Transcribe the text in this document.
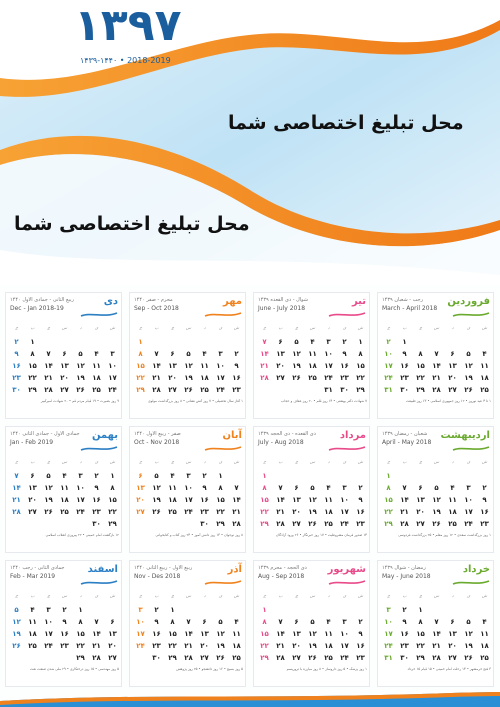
۱۳۹۷
۱۴۳۹-۱۴۴۰ • 2018-2019
محل تبلیغ اختصاصی شما
محل تبلیغ اختصاصی شما
فروردین
رجب - شعبان ۱۴۳۹
March - April 2018
ش
ی
د
س
چ
پ
ج
۱
۲
۴
۵
۶
۷
۸
۹
۱۰
۱۱
۱۲
۱۳
۱۴
۱۵
۱۶
۱۷
۱۸
۱۹
۲۰
۲۱
۲۲
۲۳
۲۴
۲۵
۲۶
۲۷
۲۸
۲۹
۳۰
۳۱
۱ تا ۴ عید نوروز • ۱۲ روز جمهوری اسلامی • ۱۳ روز طبیعت
تیر
شوال - ذی القعده ۱۴۳۹
June - July 2018
ش
ی
د
س
چ
پ
ج
۱
۲
۳
۴
۵
۶
۷
۸
۹
۱۰
۱۱
۱۲
۱۳
۱۴
۱۵
۱۶
۱۷
۱۸
۱۹
۲۰
۲۱
۲۲
۲۳
۲۴
۲۵
۲۶
۲۷
۲۸
۲۹
۳۰
۳۱
۷ شهادت دکتر بهشتی • ۱۴ روز قلم • ۲۰ روز عفاف و حجاب
مهر
محرم - صفر ۱۴۴۰
Sep - Oct 2018
ش
ی
د
س
چ
پ
ج
۱
۲
۳
۴
۵
۶
۷
۸
۹
۱۰
۱۱
۱۲
۱۳
۱۴
۱۵
۱۶
۱۷
۱۸
۱۹
۲۰
۲۱
۲۲
۲۳
۲۴
۲۵
۲۶
۲۷
۲۸
۲۹
۱ آغاز سال تحصیلی • ۷ روز آتش نشانی • ۸ روز بزرگداشت مولوی
دی
ربیع الثانی - جمادی الاول ۱۴۴۰
Dec - Jan 2018-19
ش
ی
د
س
چ
پ
ج
۱
۲
۳
۴
۵
۶
۷
۸
۹
۱۰
۱۱
۱۲
۱۳
۱۴
۱۵
۱۶
۱۷
۱۸
۱۹
۲۰
۲۱
۲۲
۲۳
۲۴
۲۵
۲۶
۲۷
۲۸
۲۹
۳۰
۹ روز بصیرت • ۱۹ قیام مردم قم • ۲۰ شهادت امیرکبیر
اردیبهشت
شعبان - رمضان ۱۴۳۹
April - May 2018
ش
ی
د
س
چ
پ
ج
۱
۲
۳
۴
۵
۶
۷
۸
۹
۱۰
۱۱
۱۲
۱۳
۱۴
۱۵
۱۶
۱۷
۱۸
۱۹
۲۰
۲۱
۲۲
۲۳
۲۴
۲۵
۲۶
۲۷
۲۸
۲۹
۱ روز بزرگداشت سعدی • ۱۲ روز معلم • ۲۵ بزرگداشت فردوسی
مرداد
ذی القعده - ذی الحجه ۱۴۳۹
July - Aug 2018
ش
ی
د
س
چ
پ
ج
۱
۲
۳
۴
۵
۶
۷
۸
۹
۱۰
۱۱
۱۲
۱۳
۱۴
۱۵
۱۶
۱۷
۱۸
۱۹
۲۰
۲۱
۲۲
۲۳
۲۴
۲۵
۲۶
۲۷
۲۸
۲۹
۱۴ صدور فرمان مشروطیت • ۱۷ روز خبرنگار • ۲۶ ورود آزادگان
آبان
صفر - ربیع الاول ۱۴۴۰
Oct - Nov 2018
ش
ی
د
س
چ
پ
ج
۱
۲
۳
۴
۵
۶
۷
۸
۹
۱۰
۱۱
۱۲
۱۳
۱۴
۱۵
۱۶
۱۷
۱۸
۱۹
۲۰
۲۱
۲۲
۲۳
۲۴
۲۵
۲۶
۲۷
۲۸
۲۹
۳۰
۸ روز نوجوان • ۱۳ روز دانش آموز • ۲۴ روز کتاب و کتابخوانی
بهمن
جمادی الاول - جمادی الثانی ۱۴۴۰
Jan - Feb 2019
ش
ی
د
س
چ
پ
ج
۱
۲
۳
۴
۵
۶
۷
۸
۹
۱۰
۱۱
۱۲
۱۳
۱۴
۱۵
۱۶
۱۷
۱۸
۱۹
۲۰
۲۱
۲۲
۲۳
۲۴
۲۵
۲۶
۲۷
۲۸
۲۹
۳۰
۱۲ بازگشت امام خمینی • ۲۲ پیروزی انقلاب اسلامی
خرداد
رمضان - شوال ۱۴۳۹
May - June 2018
ش
ی
د
س
چ
پ
ج
۱
۲
۳
۴
۵
۶
۷
۸
۹
۱۰
۱۱
۱۲
۱۳
۱۴
۱۵
۱۶
۱۷
۱۸
۱۹
۲۰
۲۱
۲۲
۲۳
۲۴
۲۵
۲۶
۲۷
۲۸
۲۹
۳۰
۳۱
۳ فتح خرمشهر • ۱۴ رحلت امام خمینی • ۱۵ قیام ۱۵ خرداد
شهریور
ذی الحجه - محرم ۱۴۳۹
Aug - Sep 2018
ش
ی
د
س
چ
پ
ج
۱
۲
۳
۴
۵
۶
۷
۸
۹
۱۰
۱۱
۱۲
۱۳
۱۴
۱۵
۱۶
۱۷
۱۸
۱۹
۲۰
۲۱
۲۲
۲۳
۲۴
۲۵
۲۶
۲۷
۲۸
۲۹
۱ روز پزشک • ۵ روز داروساز • ۸ روز مبارزه با تروریسم
آذر
ربیع الاول - ربیع الثانی ۱۴۴۰
Nov - Des 2018
ش
ی
د
س
چ
پ
ج
۱
۲
۳
۴
۵
۶
۷
۸
۹
۱۰
۱۱
۱۲
۱۳
۱۴
۱۵
۱۶
۱۷
۱۸
۱۹
۲۰
۲۱
۲۲
۲۳
۲۴
۲۵
۲۶
۲۷
۲۸
۲۹
۳۰
۵ روز بسیج • ۱۶ روز دانشجو • ۲۵ روز پژوهش
اسفند
جمادی الثانی - رجب ۱۴۴۰
Feb - Mar 2019
ش
ی
د
س
چ
پ
ج
۱
۲
۳
۴
۵
۶
۷
۸
۹
۱۰
۱۱
۱۲
۱۳
۱۴
۱۵
۱۶
۱۷
۱۸
۱۹
۲۰
۲۱
۲۲
۲۳
۲۴
۲۵
۲۶
۲۷
۲۸
۲۹
۵ روز مهندسی • ۱۵ روز درختکاری • ۲۹ ملی شدن صنعت نفت
